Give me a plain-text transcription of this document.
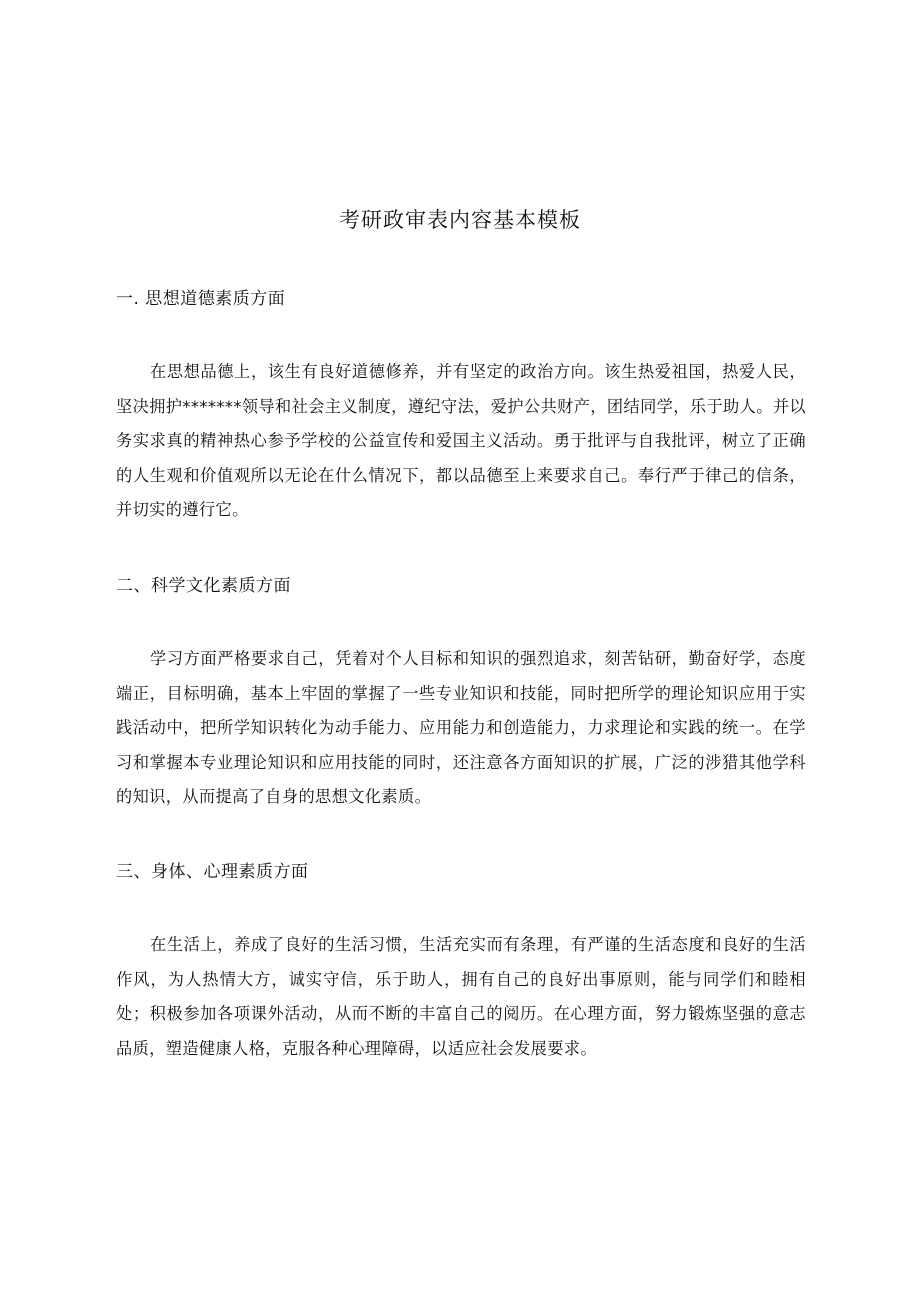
考研政审表内容基本模板
一. 思想道德素质方面

在思想品德上，该生有良好道德修养，并有坚定的政治方向。该生热爱祖国，热爱人民，坚决拥护*******领导和社会主义制度，遵纪守法，爱护公共财产，团结同学，乐于助人。并以务实求真的精神热心参予学校的公益宣传和爱国主义活动。勇于批评与自我批评，树立了正确的人生观和价值观所以无论在什么情况下，都以品德至上来要求自己。奉行严于律己的信条，并切实的遵行它。

二、科学文化素质方面

学习方面严格要求自己，凭着对个人目标和知识的强烈追求，刻苦钻研，勤奋好学，态度端正，目标明确，基本上牢固的掌握了一些专业知识和技能，同时把所学的理论知识应用于实践活动中，把所学知识转化为动手能力、应用能力和创造能力，力求理论和实践的统一。在学习和掌握本专业理论知识和应用技能的同时，还注意各方面知识的扩展，广泛的涉猎其他学科的知识，从而提高了自身的思想文化素质。

三、身体、心理素质方面

在生活上，养成了良好的生活习惯，生活充实而有条理，有严谨的生活态度和良好的生活作风，为人热情大方，诚实守信，乐于助人，拥有自己的良好出事原则，能与同学们和睦相处；积极参加各项课外活动，从而不断的丰富自己的阅历。在心理方面，努力锻炼坚强的意志品质，塑造健康人格，克服各种心理障碍，以适应社会发展要求。
